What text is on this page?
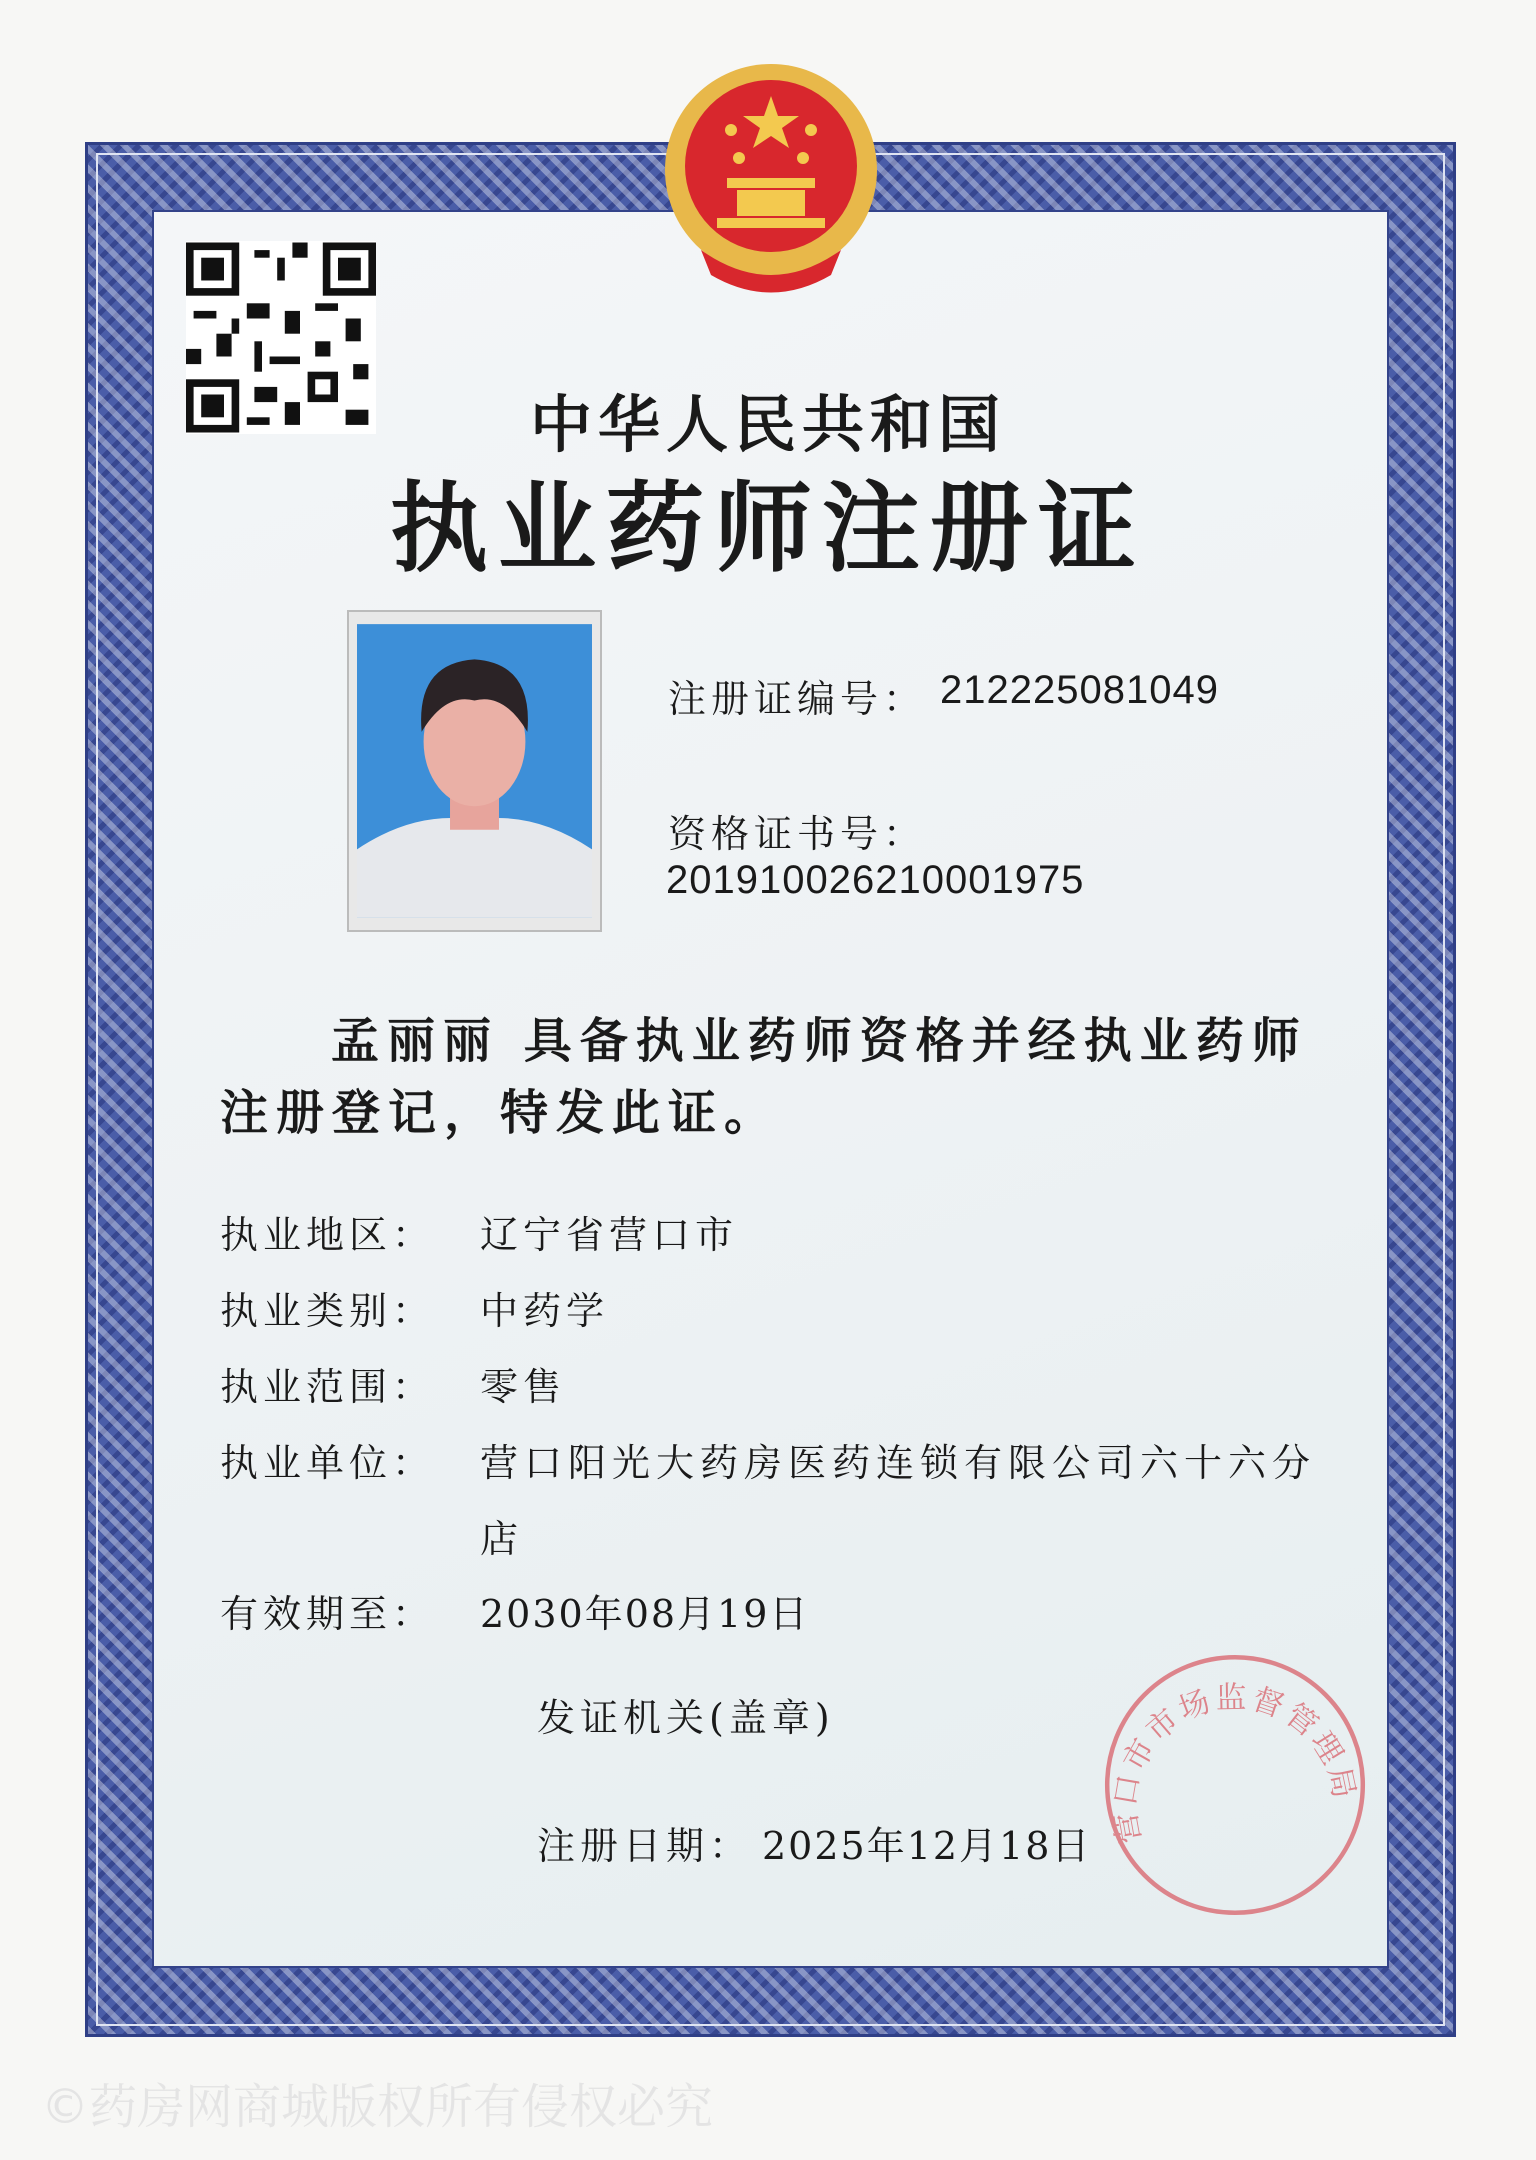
中华人民共和国
执业药师注册证
注册证编号： 212225081049
资格证书号：
201910026210001975
孟丽丽 具备执业药师资格并经执业药师
注册登记，特发此证。
执业地区： 辽宁省营口市
执业类别： 中药学
执业范围： 零售
执业单位： 营口阳光大药房医药连锁有限公司六十六分
店
有效期至： 2030年08月19日
发证机关(盖章)
注册日期： 2025年12月18日 营口市市场监督管理局
©药房网商城版权所有侵权必究
